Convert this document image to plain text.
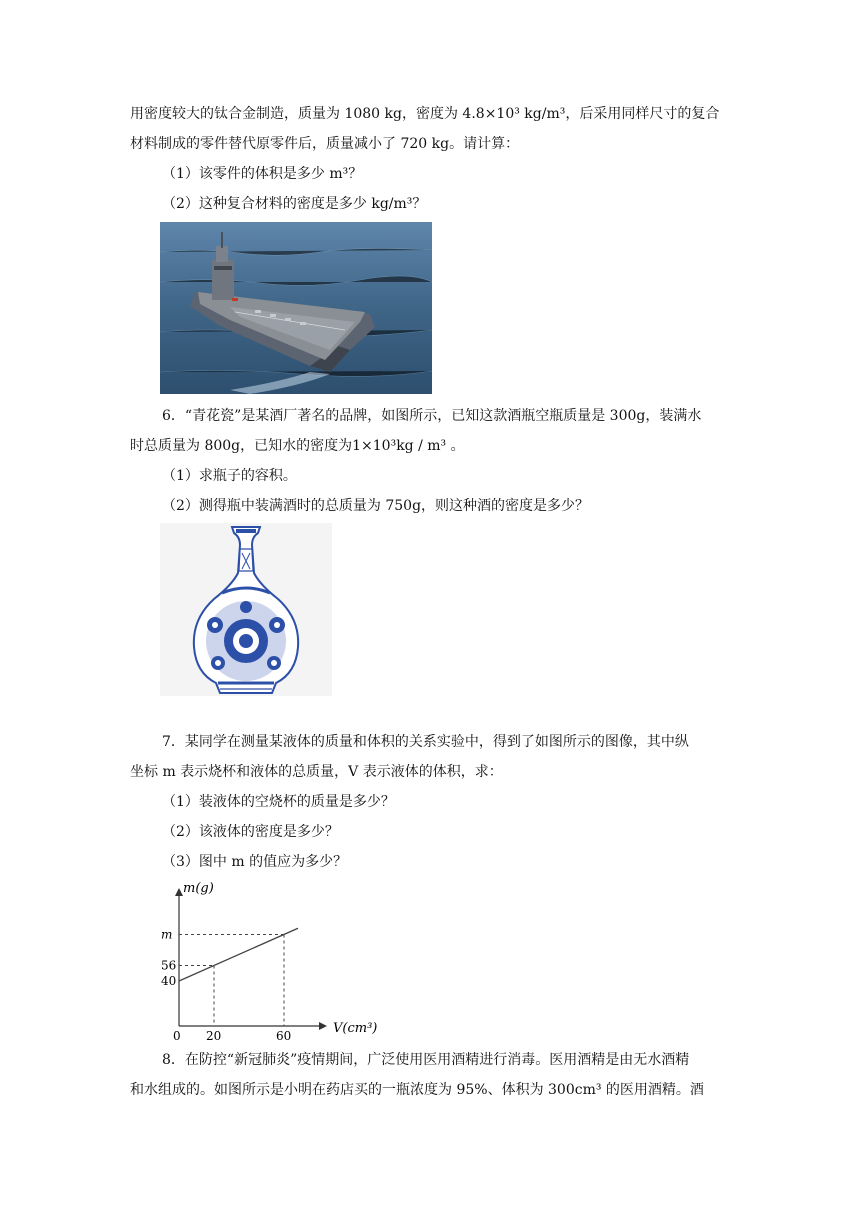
用密度较大的钛合金制造，质量为 1080 kg，密度为 4.8×10³ kg/m³，后采用同样尺寸的复合
材料制成的零件替代原零件后，质量减小了 720 kg。请计算：
（1）该零件的体积是多少 m³？
（2）这种复合材料的密度是多少 kg/m³？
6．“青花瓷”是某酒厂著名的品牌，如图所示，已知这款酒瓶空瓶质量是 300g，装满水
时总质量为 800g，已知水的密度为1×10³kg / m³ 。
（1）求瓶子的容积。
（2）测得瓶中装满酒时的总质量为 750g，则这种酒的密度是多少？
7．某同学在测量某液体的质量和体积的关系实验中，得到了如图所示的图像，其中纵
坐标 m 表示烧杯和液体的总质量，V 表示液体的体积，求：
（1）装液体的空烧杯的质量是多少？
（2）该液体的密度是多少？
（3）图中 m 的值应为多少？
0 20	60
40
56
m
m(g)
V(cm³)
8．在防控“新冠肺炎”疫情期间，广泛使用医用酒精进行消毒。医用酒精是由无水酒精
和水组成的。如图所示是小明在药店买的一瓶浓度为 95%、体积为 300cm³ 的医用酒精。酒
